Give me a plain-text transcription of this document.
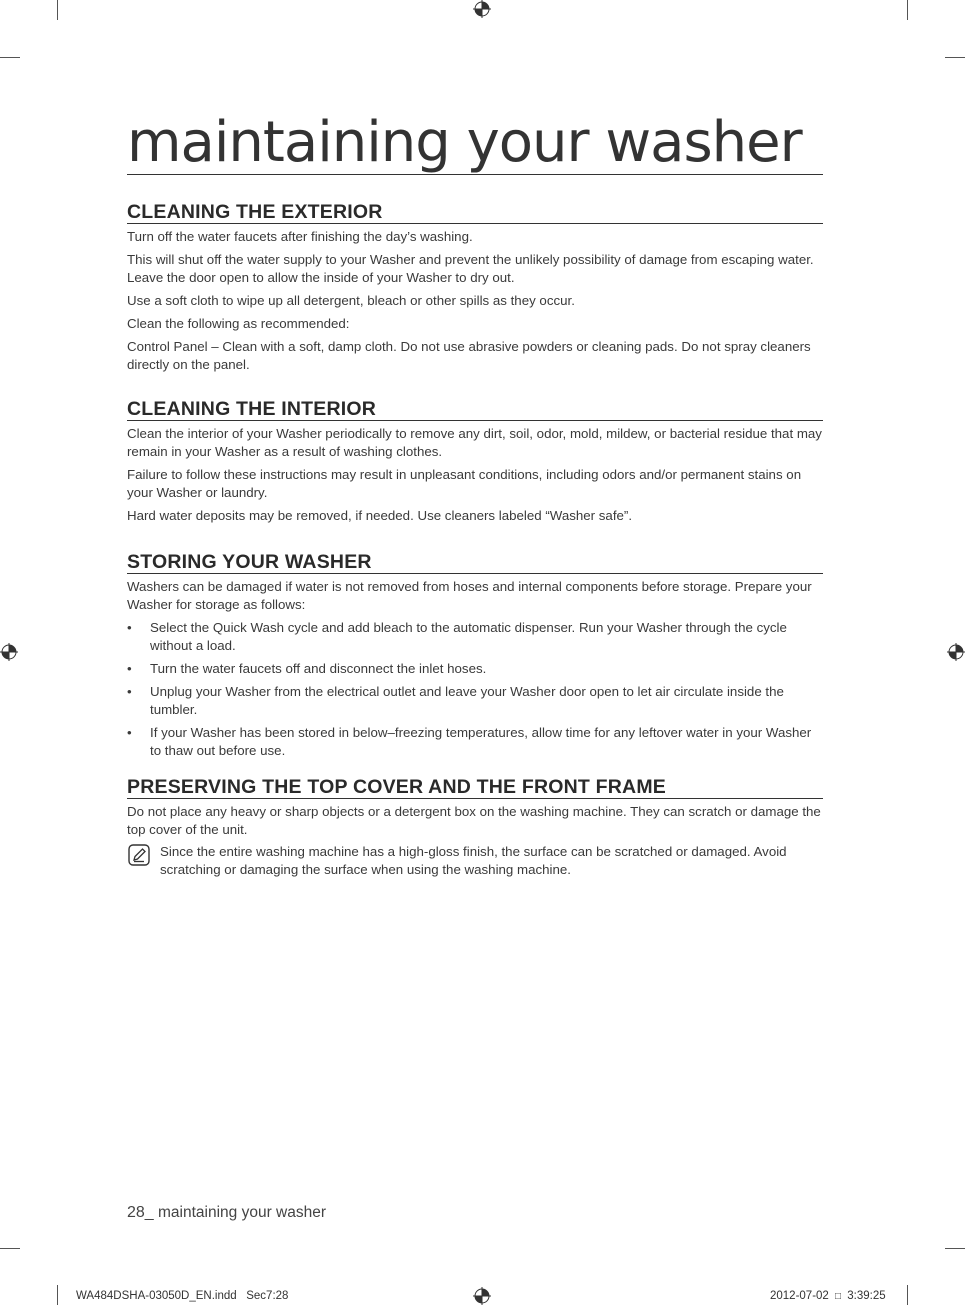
maintaining your washer
CLEANING THE EXTERIOR

Turn off the water faucets after finishing the day’s washing.

This will shut off the water supply to your Washer and prevent the unlikely possibility of damage from escaping water. Leave the door open to allow the inside of your Washer to dry out.

Use a soft cloth to wipe up all detergent, bleach or other spills as they occur.

Clean the following as recommended:

Control Panel – Clean with a soft, damp cloth. Do not use abrasive powders or cleaning pads. Do not spray cleaners directly on the panel.

CLEANING THE INTERIOR

Clean the interior of your Washer periodically to remove any dirt, soil, odor, mold, mildew, or bacterial residue that may remain in your Washer as a result of washing clothes.

Failure to follow these instructions may result in unpleasant conditions, including odors and/or permanent stains on your Washer or laundry.

Hard water deposits may be removed, if needed. Use cleaners labeled “Washer safe”.

STORING YOUR WASHER

Washers can be damaged if water is not removed from hoses and internal components before storage. Prepare your Washer for storage as follows:

• Select the Quick Wash cycle and add bleach to the automatic dispenser. Run your Washer through the cycle without a load.
• Turn the water faucets off and disconnect the inlet hoses.
• Unplug your Washer from the electrical outlet and leave your Washer door open to let air circulate inside the tumbler.
• If your Washer has been stored in below–freezing temperatures, allow time for any leftover water in your Washer to thaw out before use.
PRESERVING THE TOP COVER AND THE FRONT FRAME

Do not place any heavy or sharp objects or a detergent box on the washing machine. They can scratch or damage the top cover of the unit.

Since the entire washing machine has a high-gloss finish, the surface can be scratched or damaged. Avoid scratching or damaging the surface when using the washing machine.
28_ maintaining your washer
WA484DSHA-03050D_EN.indd   Sec7:28	2012-07-02 □ 3:39:25
